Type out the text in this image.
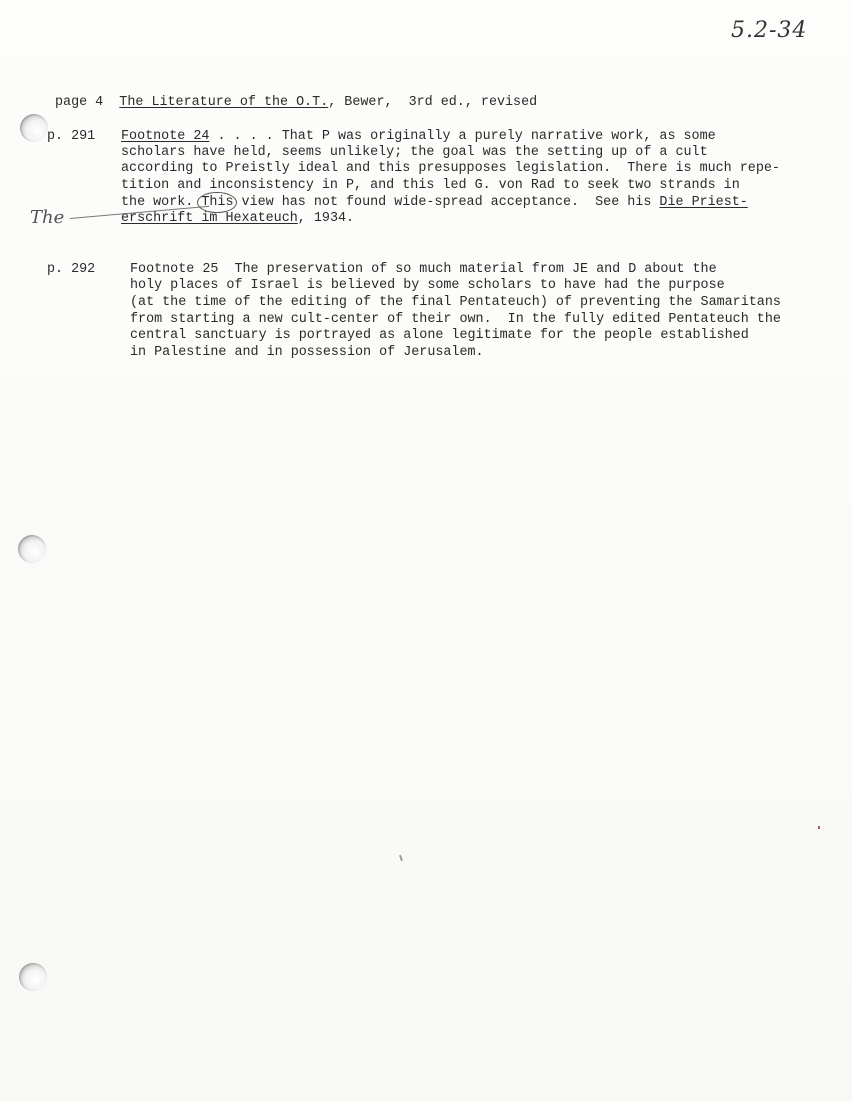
5.2-34
The
page 4 The Literature of the O.T., Bewer,  3rd ed., revised
p. 291 Footnote 24 . . . . That P was originally a purely narrative work, as some
scholars have held, seems unlikely; the goal was the setting up of a cult
according to Preistly ideal and this presupposes legislation.  There is much repe-
tition and inconsistency in P, and this led G. von Rad to seek two strands in
the work. This view has not found wide-spread acceptance.  See his Die Priest-
erschrift im Hexateuch, 1934.
p. 292	Footnote 25 The preservation of so much material from JE and D about the
holy places of Israel is believed by some scholars to have had the purpose
(at the time of the editing of the final Pentateuch) of preventing the Samaritans
from starting a new cult-center of their own.  In the fully edited Pentateuch the
central sanctuary is portrayed as alone legitimate for the people established
in Palestine and in possession of Jerusalem.
